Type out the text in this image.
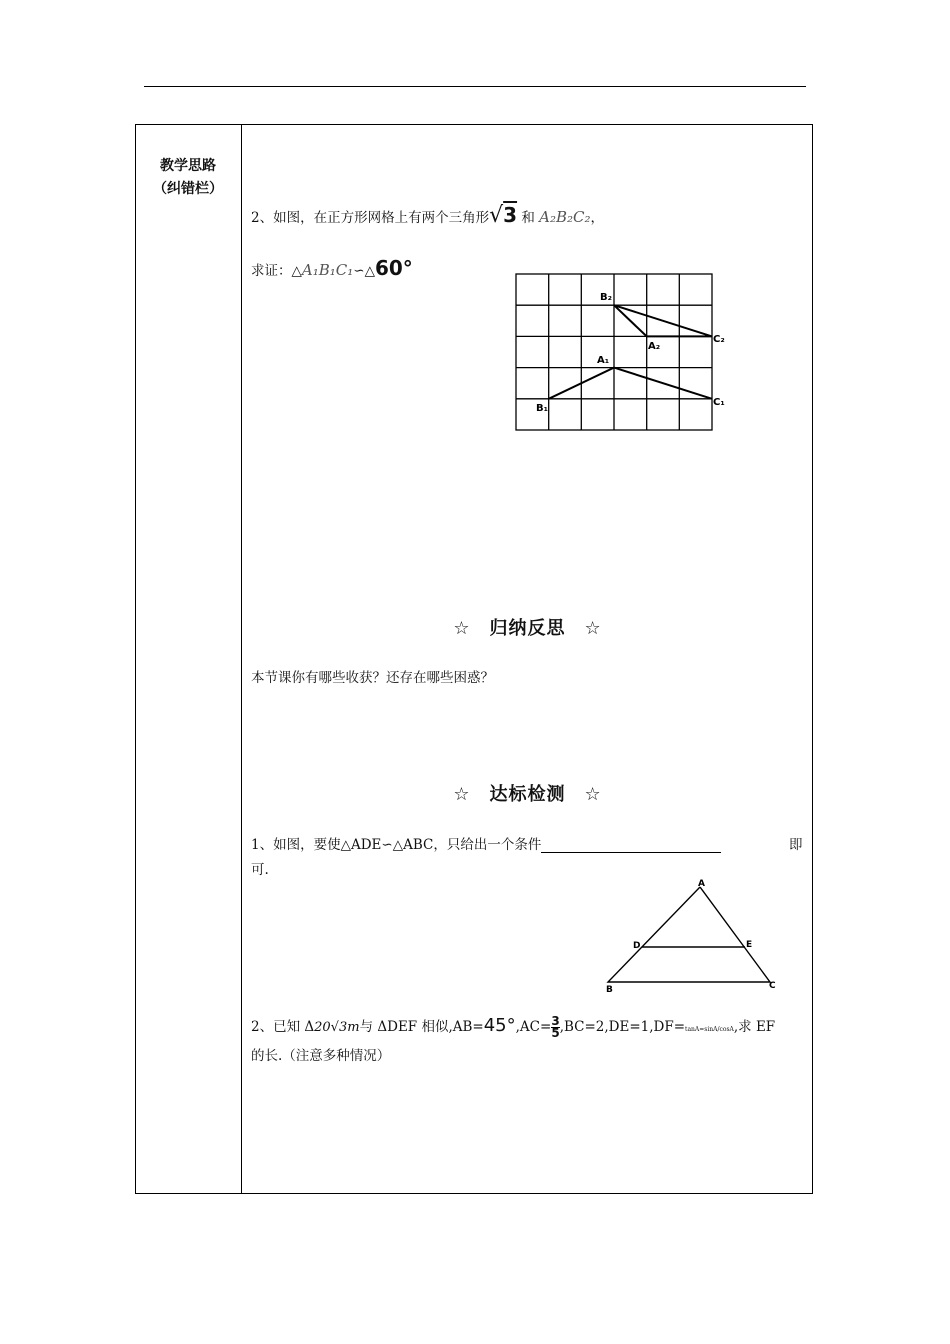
教学思路
（纠错栏）
2、如图，在正方形网格上有两个三角形√3 和 A₂B₂C₂，
求证：△A₁B₁C₁∽△60°
B₂
C₂
A₂
A₁
B₁
C₁
☆　归纳反思　☆
本节课你有哪些收获？还存在哪些困惑？
☆　达标检测　☆
1、如图，要使△ADE∽△ABC，只给出一个条件	即
可.
A
D	E
B	C
2、已知 Δ20√3m与 ΔDEF 相似$,AB=45^\circ,AC= \frac{3}{5} ,BC=2,DE=1,DF=\tan A=\sin A/\cos A$,求 EF
的长.（注意多种情况）
